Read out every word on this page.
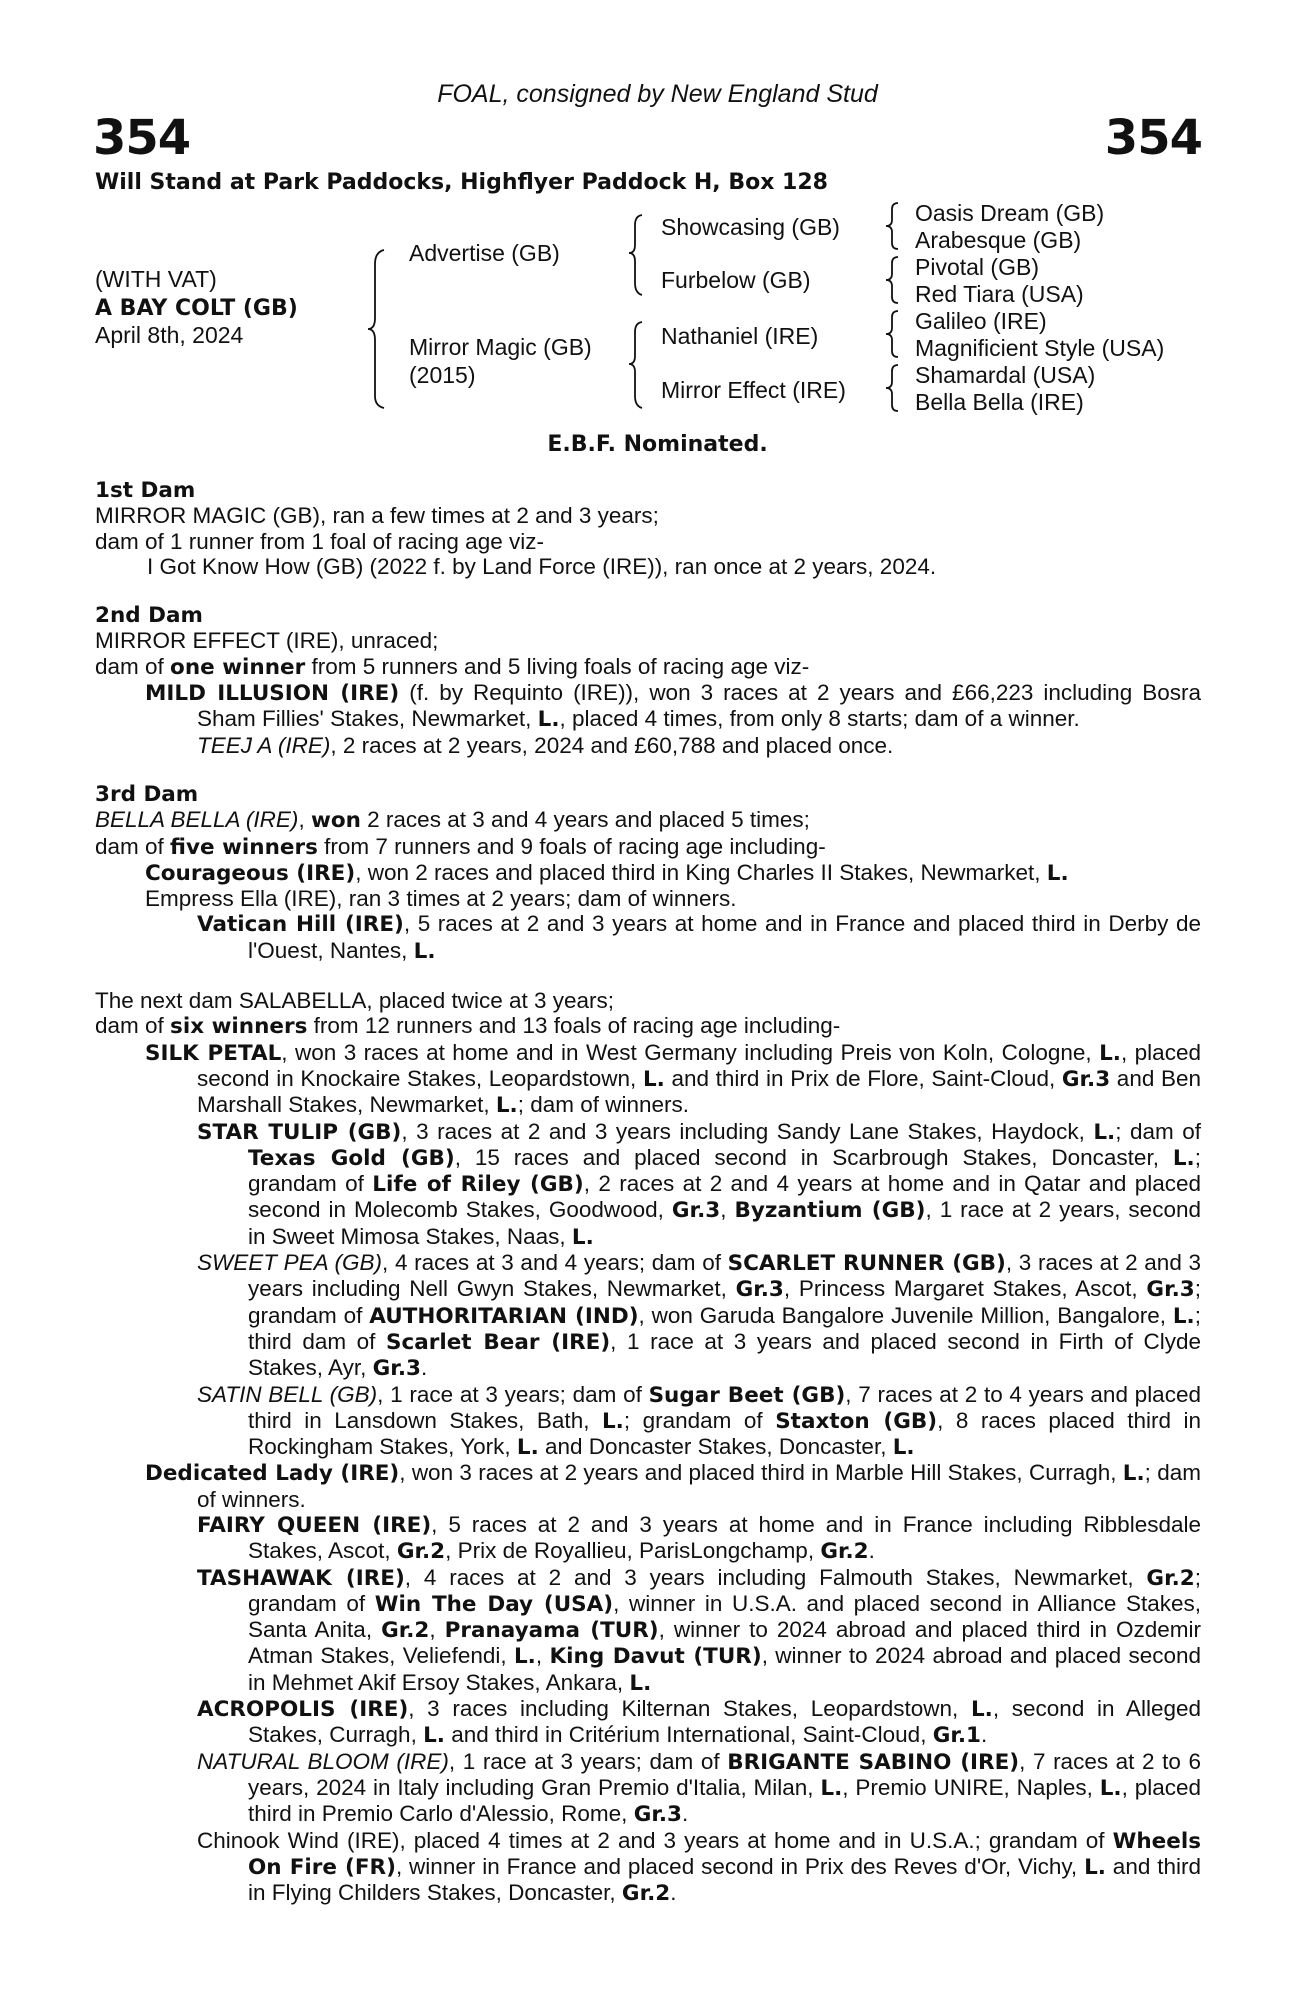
FOAL, consigned by New England Stud
354	354
Will Stand at Park Paddocks, Highflyer Paddock H, Box 128
(WITH VAT)
A BAY COLT (GB)
April 8th, 2024
Advertise (GB)
Mirror Magic (GB)
(2015)
Showcasing (GB)
Furbelow (GB)
Nathaniel (IRE)
Mirror Effect (IRE)
Oasis Dream (GB)
Arabesque (GB)
Pivotal (GB)
Red Tiara (USA)
Galileo (IRE)
Magnificient Style (USA)
Shamardal (USA)
Bella Bella (IRE)
E.B.F. Nominated.
1st Dam
MIRROR MAGIC (GB), ran a few times at 2 and 3 years;
dam of 1 runner from 1 foal of racing age viz-
I Got Know How (GB) (2022 f. by Land Force (IRE)), ran once at 2 years, 2024.
2nd Dam
MIRROR EFFECT (IRE), unraced;
dam of one winner from 5 runners and 5 living foals of racing age viz-
MILD ILLUSION (IRE) (f. by Requinto (IRE)), won 3 races at 2 years and £66,223 including Bosra Sham Fillies' Stakes, Newmarket, L., placed 4 times, from only 8 starts; dam of a winner.
TEEJ A (IRE), 2 races at 2 years, 2024 and £60,788 and placed once.
3rd Dam
BELLA BELLA (IRE), won 2 races at 3 and 4 years and placed 5 times;
dam of five winners from 7 runners and 9 foals of racing age including-
Courageous (IRE), won 2 races and placed third in King Charles II Stakes, Newmarket, L.
Empress Ella (IRE), ran 3 times at 2 years; dam of winners.
Vatican Hill (IRE), 5 races at 2 and 3 years at home and in France and placed third in Derby de l'Ouest, Nantes, L.
The next dam SALABELLA, placed twice at 3 years;
dam of six winners from 12 runners and 13 foals of racing age including-
SILK PETAL, won 3 races at home and in West Germany including Preis von Koln, Cologne, L., placed second in Knockaire Stakes, Leopardstown, L. and third in Prix de Flore, Saint-Cloud, Gr.3 and Ben Marshall Stakes, Newmarket, L.; dam of winners.
STAR TULIP (GB), 3 races at 2 and 3 years including Sandy Lane Stakes, Haydock, L.; dam of Texas Gold (GB), 15 races and placed second in Scarbrough Stakes, Doncaster, L.; grandam of Life of Riley (GB), 2 races at 2 and 4 years at home and in Qatar and placed second in Molecomb Stakes, Goodwood, Gr.3, Byzantium (GB), 1 race at 2 years, second in Sweet Mimosa Stakes, Naas, L.
SWEET PEA (GB), 4 races at 3 and 4 years; dam of SCARLET RUNNER (GB), 3 races at 2 and 3 years including Nell Gwyn Stakes, Newmarket, Gr.3, Princess Margaret Stakes, Ascot, Gr.3; grandam of AUTHORITARIAN (IND), won Garuda Bangalore Juvenile Million, Bangalore, L.; third dam of Scarlet Bear (IRE), 1 race at 3 years and placed second in Firth of Clyde Stakes, Ayr, Gr.3.
SATIN BELL (GB), 1 race at 3 years; dam of Sugar Beet (GB), 7 races at 2 to 4 years and placed third in Lansdown Stakes, Bath, L.; grandam of Staxton (GB), 8 races placed third in Rockingham Stakes, York, L. and Doncaster Stakes, Doncaster, L.
Dedicated Lady (IRE), won 3 races at 2 years and placed third in Marble Hill Stakes, Curragh, L.; dam of winners.
FAIRY QUEEN (IRE), 5 races at 2 and 3 years at home and in France including Ribblesdale Stakes, Ascot, Gr.2, Prix de Royallieu, ParisLongchamp, Gr.2.
TASHAWAK (IRE), 4 races at 2 and 3 years including Falmouth Stakes, Newmarket, Gr.2; grandam of Win The Day (USA), winner in U.S.A. and placed second in Alliance Stakes, Santa Anita, Gr.2, Pranayama (TUR), winner to 2024 abroad and placed third in Ozdemir Atman Stakes, Veliefendi, L., King Davut (TUR), winner to 2024 abroad and placed second in Mehmet Akif Ersoy Stakes, Ankara, L.
ACROPOLIS (IRE), 3 races including Kilternan Stakes, Leopardstown, L., second in Alleged Stakes, Curragh, L. and third in Critérium International, Saint-Cloud, Gr.1.
NATURAL BLOOM (IRE), 1 race at 3 years; dam of BRIGANTE SABINO (IRE), 7 races at 2 to 6 years, 2024 in Italy including Gran Premio d'Italia, Milan, L., Premio UNIRE, Naples, L., placed third in Premio Carlo d'Alessio, Rome, Gr.3.
Chinook Wind (IRE), placed 4 times at 2 and 3 years at home and in U.S.A.; grandam of Wheels On Fire (FR), winner in France and placed second in Prix des Reves d'Or, Vichy, L. and third in Flying Childers Stakes, Doncaster, Gr.2.
